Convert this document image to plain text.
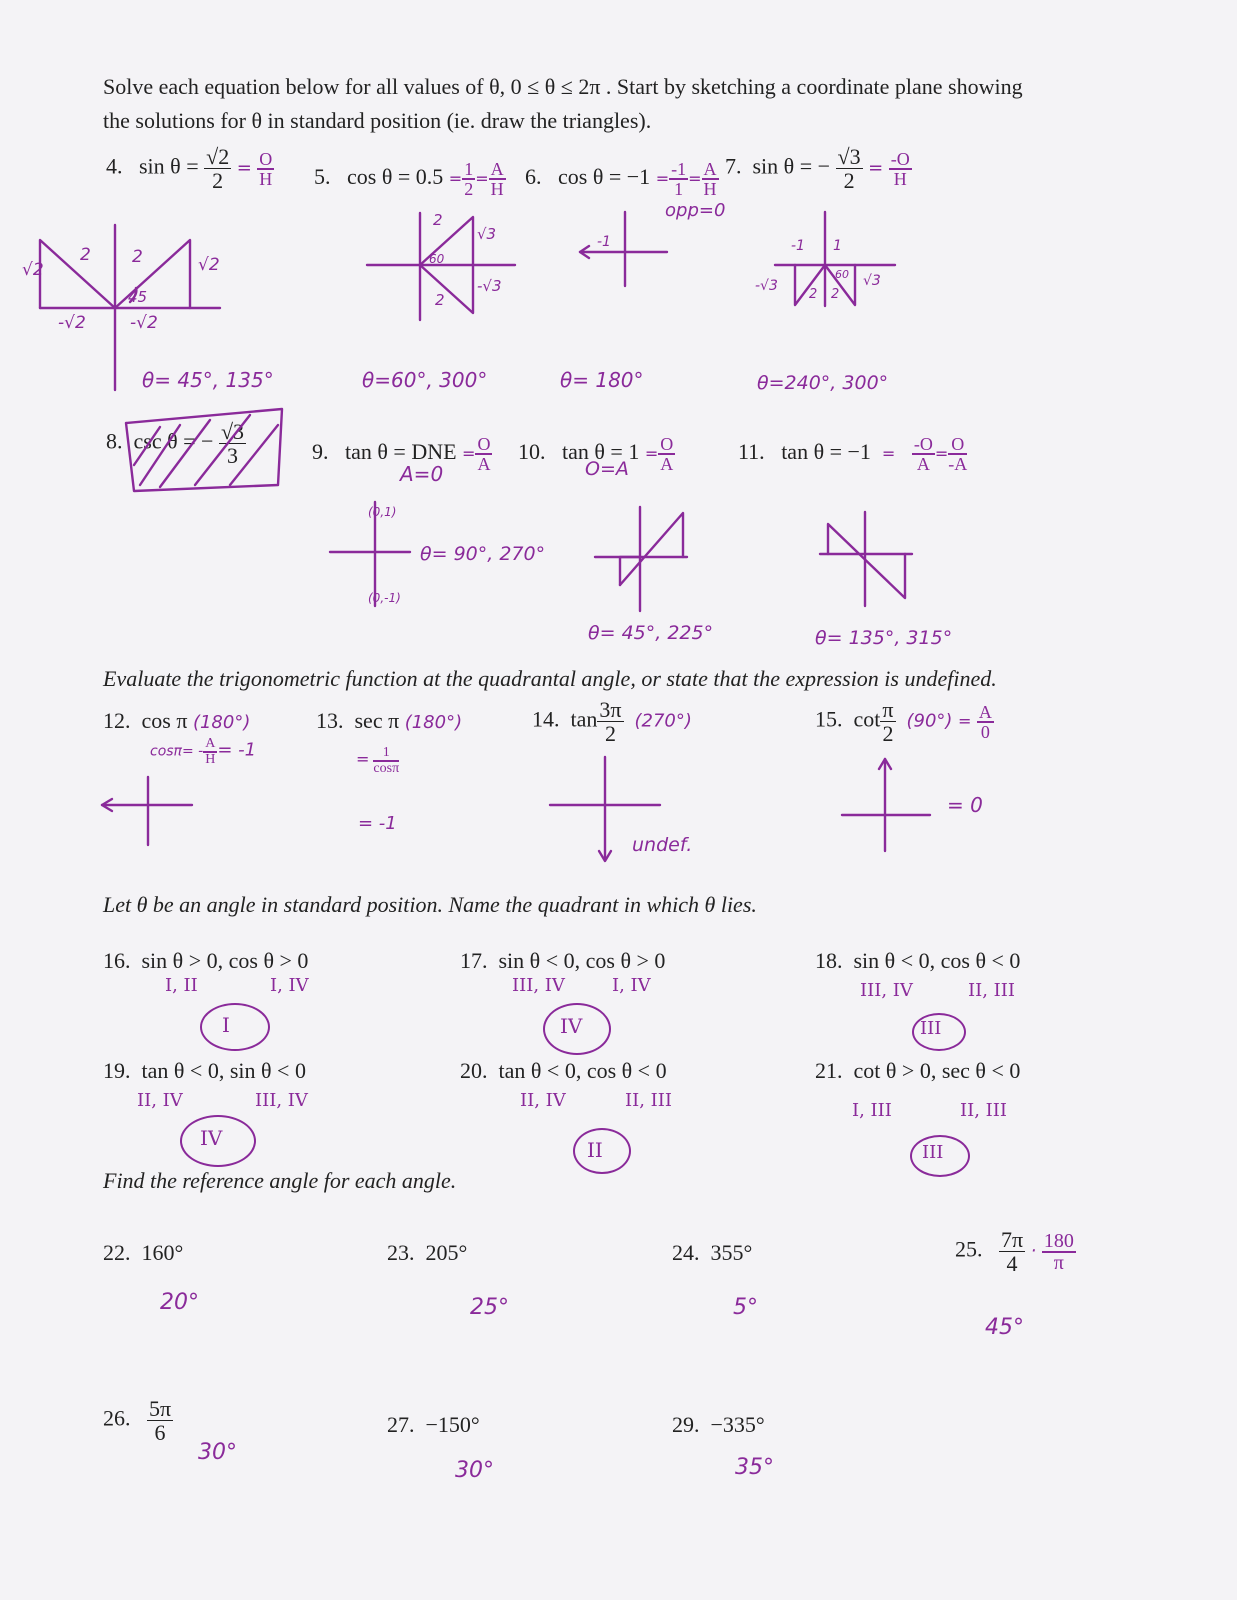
Solve each equation below for all values of θ, 0 ≤ θ ≤ 2π . Start by sketching a coordinate plane showing
the solutions for θ in standard position (ie. draw the triangles).
4. $\sin \theta = \frac{√2}{2} = \frac{O}{H} 5$. $\cos \theta = 0.5 = \frac{1}{2} = \frac{A}{H} 6$. $\cos \theta = -1 = \frac{-1}{1} = \frac{A}{H}$
opp=0
7. sin θ = − $\frac{√3}{2} = \frac{-O}{H}$
√2
2 2	√2
45
-√2	-√2
θ= 45°, 135°
2
√3
60
2
-√3
θ=60°, 300°
-1
θ= 180°
-1 1
60
2 2
-√3	√3
θ=240°, 300°
8. csc θ = − $\frac{√3}{3}$	9. tan θ = DNE = $\frac{O}{A}$
A=0
(0,1)
(0,-1)
θ= 90°, 270°
10. $\tan \theta = 1 = \frac{O}{A}$
O=A
θ= 45°, 225°
11. $\tan \theta = -1 = \frac{-O}{A} = \frac{O}{-A}$
θ= 135°, 315°
Evaluate the trigonometric function at the quadrantal angle, or state that the expression is undefined.
12. cos π (180°)
$\cos\pi= - \frac{A}{H} = -1$
13. sec π (180°)
= $\frac{1}{\cos\pi}$
= -1
14. $\tan \frac{3\pi}{2} (270^\circ)$
undef.
15. $\cot \frac{\pi}{2} (90^\circ) = \frac{A}{0}$
= 0
Let θ be an angle in standard position. Name the quadrant in which θ lies.
16. sin θ > 0, cos θ > 0
I, II	I, IV
I
17. sin θ < 0, cos θ > 0
III, IV	I, IV
IV
18. sin θ < 0, cos θ < 0
III, IV	II, III
III
19. tan θ < 0, sin θ < 0
II, IV	III, IV
IV
20. tan θ < 0, cos θ < 0
II, IV	II, III
II
21. cot θ > 0, sec θ < 0
I, III	II, III
III
Find the reference angle for each angle.
22. 160°
20°
23. 205°
25°
24. 355°
5°
25. $\frac{7\pi}{4} \cdot \frac{180}{\pi}$
45°
26. $\frac{5\pi}{6}$
30°
27. −150°
30°
29. −335°
35°
